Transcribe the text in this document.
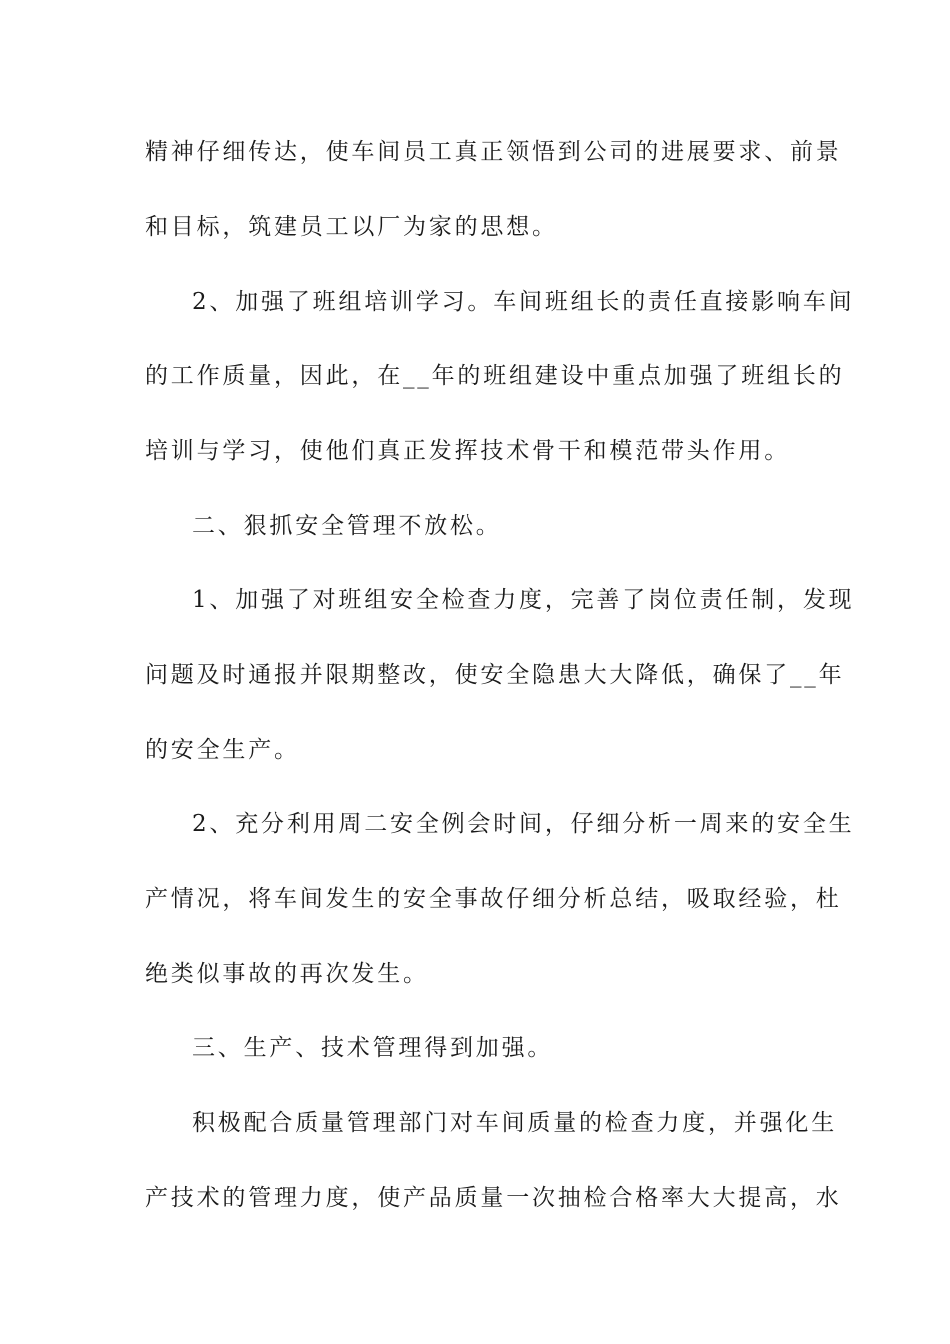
精神仔细传达，使车间员工真正领悟到公司的进展要求、前景
和目标，筑建员工以厂为家的思想。
2、加强了班组培训学习。车间班组长的责任直接影响车间
的工作质量，因此，在__年的班组建设中重点加强了班组长的
培训与学习，使他们真正发挥技术骨干和模范带头作用。
二、狠抓安全管理不放松。
1、加强了对班组安全检查力度，完善了岗位责任制，发现
问题及时通报并限期整改，使安全隐患大大降低，确保了__年
的安全生产。
2、充分利用周二安全例会时间，仔细分析一周来的安全生
产情况，将车间发生的安全事故仔细分析总结，吸取经验，杜
绝类似事故的再次发生。
三、生产、技术管理得到加强。
积极配合质量管理部门对车间质量的检查力度，并强化生
产技术的管理力度，使产品质量一次抽检合格率大大提高，水
